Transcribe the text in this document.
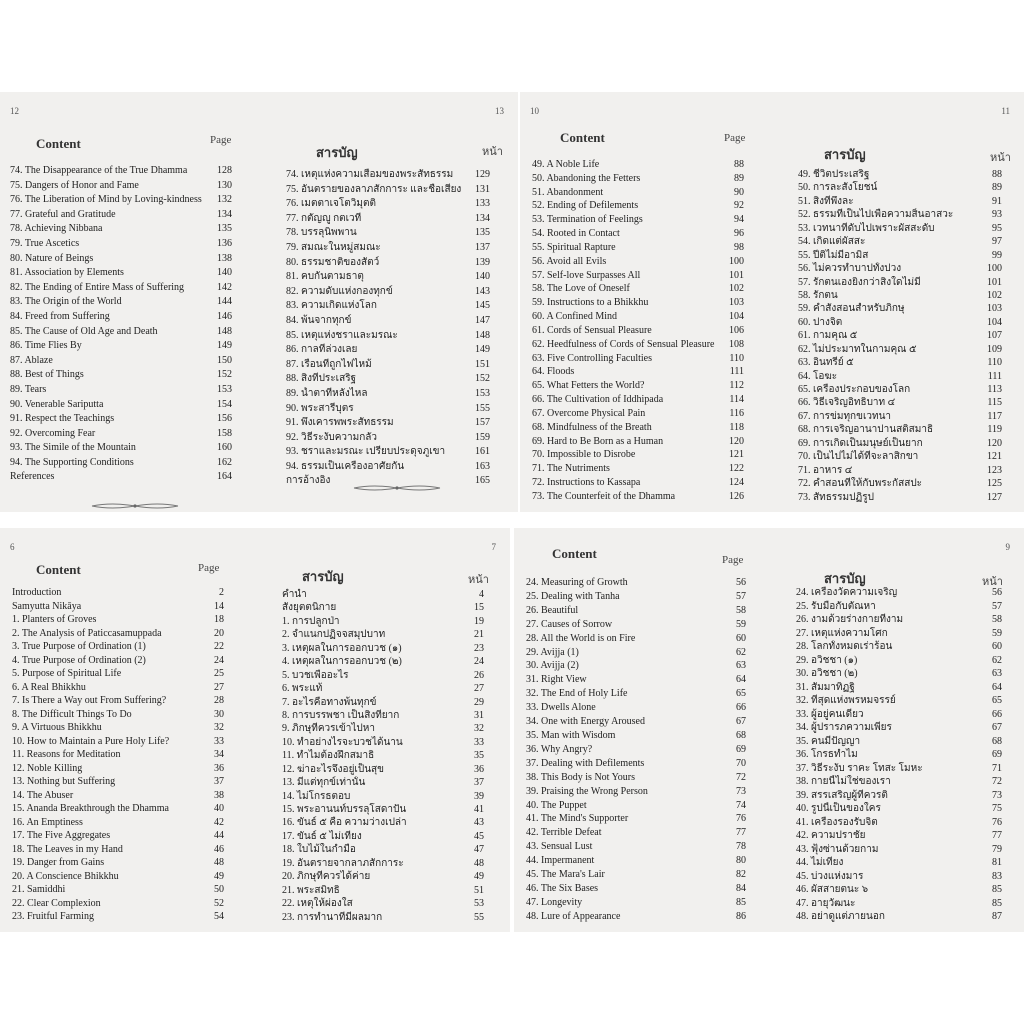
12
Content	Page
74. The Disappearance of the True Dhamma	128
75. Dangers of Honor and Fame	130
76. The Liberation of Mind by Loving-kindness	132
77. Grateful and Gratitude	134
78. Achieving Nibbana	135
79. True Ascetics	136
80. Nature of Beings	138
81. Association by Elements	140
82. The Ending of Entire Mass of Suffering	142
83. The Origin of the World	144
84. Freed from Suffering	146
85. The Cause of Old Age and Death	148
86. Time Flies By	149
87. Ablaze	150
88. Best of Things	152
89. Tears	153
90. Venerable Sariputta	154
91. Respect the Teachings	156
92. Overcoming Fear	158
93. The Simile of the Mountain	160
94. The Supporting Conditions	162
References	164
13
สารบัญ	หน้า
74. เหตุแห่งความเสื่อมของพระสัทธรรม	129
75. อันตรายของลาภสักการะ และชื่อเสียง	131
76. เมตตาเจโตวิมุตติ	133
77. กตัญญู กตเวที	134
78. บรรลุนิพพาน	135
79. สมณะในหมู่สมณะ	137
80. ธรรมชาติของสัตว์	139
81. คบกันตามธาตุ	140
82. ความดับแห่งกองทุกข์	143
83. ความเกิดแห่งโลก	145
84. พ้นจากทุกข์	147
85. เหตุแห่งชราและมรณะ	148
86. กาลที่ล่วงเลย	149
87. เรือนที่ถูกไฟไหม้	151
88. สิ่งที่ประเสริฐ	152
89. น้ำตาที่หลั่งไหล	153
90. พระสารีบุตร	155
91. พึงเคารพพระสัทธรรม	157
92. วิธีระงับความกลัว	159
93. ชราและมรณะ เปรียบประดุจภูเขา	161
94. ธรรมเป็นเครื่องอาศัยกัน	163
การอ้างอิง	165
10
Content	Page
49. A Noble Life	88
50. Abandoning the Fetters	89
51. Abandonment	90
52. Ending of Defilements	92
53. Termination of Feelings	94
54. Rooted in Contact	96
55. Spiritual Rapture	98
56. Avoid all Evils	100
57. Self-love Surpasses All	101
58. The Love of Oneself	102
59. Instructions to a Bhikkhu	103
60. A Confined Mind	104
61. Cords of Sensual Pleasure	106
62. Heedfulness of Cords of Sensual Pleasure	108
63. Five Controlling Faculties	110
64. Floods	111
65. What Fetters the World?	112
66. The Cultivation of Iddhipada	114
67. Overcome Physical Pain	116
68. Mindfulness of the Breath	118
69. Hard to Be Born as a Human	120
70. Impossible to Disrobe	121
71. The Nutriments	122
72. Instructions to Kassapa	124
73. The Counterfeit of the Dhamma	126
11
สารบัญ	หน้า
49. ชีวิตประเสริฐ	88
50. การละสังโยชน์	89
51. สิ่งที่พึงละ	91
52. ธรรมที่เป็นไปเพื่อความสิ้นอาสวะ	93
53. เวทนาที่ดับไปเพราะผัสสะดับ	95
54. เกิดแต่ผัสสะ	97
55. ปีติไม่มีอามิส	99
56. ไม่ควรทำบาปทั้งปวง	100
57. รักตนเองยิ่งกว่าสิ่งใดไม่มี	101
58. รักตน	102
59. คำสั่งสอนสำหรับภิกษุ	103
60. ปางจิต	104
61. กามคุณ ๕	107
62. ไม่ประมาทในกามคุณ ๕	109
63. อินทรีย์ ๕	110
64. โอฆะ	111
65. เครื่องประกอบของโลก	113
66. วิธีเจริญอิทธิบาท ๔	115
67. การข่มทุกขเวทนา	117
68. การเจริญอานาปานสติสมาธิ	119
69. การเกิดเป็นมนุษย์เป็นยาก	120
70. เป็นไปไม่ได้ที่จะลาสิกขา	121
71. อาหาร ๔	123
72. คำสอนที่ให้กับพระกัสสปะ	125
73. สัทธรรมปฏิรูป	127
6
Content	Page
Introduction	2
Samyutta Nikāya	14
1. Planters of Groves	18
2. The Analysis of Paticcasamuppada	20
3. True Purpose of Ordination (1)	22
4. True Purpose of Ordination (2)	24
5. Purpose of Spiritual Life	25
6. A Real Bhikkhu	27
7. Is There a Way out From Suffering?	28
8. The Difficult Things To Do	30
9. A Virtuous Bhikkhu	32
10. How to Maintain a Pure Holy Life?	33
11. Reasons for Meditation	34
12. Noble Killing	36
13. Nothing but Suffering	37
14. The Abuser	38
15. Ananda Breakthrough the Dhamma	40
16. An Emptiness	42
17. The Five Aggregates	44
18. The Leaves in my Hand	46
19. Danger from Gains	48
20. A Conscience Bhikkhu	49
21. Samiddhi	50
22. Clear Complexion	52
23. Fruitful Farming	54
7
สารบัญ	หน้า
คำนำ	4
สังยุตตนิกาย	15
1. การปลูกป่า	19
2. จำแนกปฏิจจสมุปบาท	21
3. เหตุผลในการออกบวช (๑)	23
4. เหตุผลในการออกบวช (๒)	24
5. บวชเพื่ออะไร	26
6. พระแท้	27
7. อะไรคือทางพ้นทุกข์	29
8. การบรรพชา เป็นสิ่งที่ยาก	31
9. ภิกษุที่ควรเข้าไปหา	32
10. ทำอย่างไรจะบวชได้นาน	33
11. ทำไมต้องฝึกสมาธิ	35
12. ฆ่าอะไรจึงอยู่เป็นสุข	36
13. มีแต่ทุกข์เท่านั้น	37
14. ไม่โกรธตอบ	39
15. พระอานนท์บรรลุโสดาปัน	41
16. ขันธ์ ๕ คือ ความว่างเปล่า	43
17. ขันธ์ ๕ ไม่เที่ยง	45
18. ใบไม้ในกำมือ	47
19. อันตรายจากลาภสักการะ	48
20. ภิกษุที่ควรได้ค่าย	49
21. พระสมิทธิ	51
22. เหตุให้ผ่องใส	53
23. การทำนาที่มีผลมาก	55
Content	Page
24. Measuring of Growth	56
25. Dealing with Tanha	57
26. Beautiful	58
27. Causes of Sorrow	59
28. All the World is on Fire	60
29. Avijja (1)	62
30. Avijja (2)	63
31. Right View	64
32. The End of Holy Life	65
33. Dwells Alone	66
34. One with Energy Aroused	67
35. Man with Wisdom	68
36. Why Angry?	69
37. Dealing with Defilements	70
38. This Body is Not Yours	72
39. Praising the Wrong Person	73
40. The Puppet	74
41. The Mind's Supporter	76
42. Terrible Defeat	77
43. Sensual Lust	78
44. Impermanent	80
45. The Mara's Lair	82
46. The Six Bases	84
47. Longevity	85
48. Lure of Appearance	86
9
สารบัญ	หน้า
24. เครื่องวัดความเจริญ	56
25. รับมือกับตัณหา	57
26. งามด้วยร่างกายที่งาม	58
27. เหตุแห่งความโศก	59
28. โลกทั้งหมดเร่าร้อน	60
29. อวิชชา (๑)	62
30. อวิชชา (๒)	63
31. สัมมาทิฏฐิ	64
32. ที่สุดแห่งพรหมจรรย์	65
33. ผู้อยู่คนเดียว	66
34. ผู้ปรารภความเพียร	67
35. คนมีปัญญา	68
36. โกรธทำไม	69
37. วิธีระงับ ราคะ โทสะ โมหะ	71
38. กายนี้ไม่ใช่ของเรา	72
39. สรรเสริญผู้ที่ควรติ	73
40. รูปนี้เป็นของใคร	75
41. เครื่องรองรับจิต	76
42. ความปราชัย	77
43. ฟุ้งซ่านด้วยกาม	79
44. ไม่เที่ยง	81
45. บ่วงแห่งมาร	83
46. ผัสสายตนะ ๖	85
47. อายุวัฒนะ	85
48. อย่าดูแต่ภายนอก	87
